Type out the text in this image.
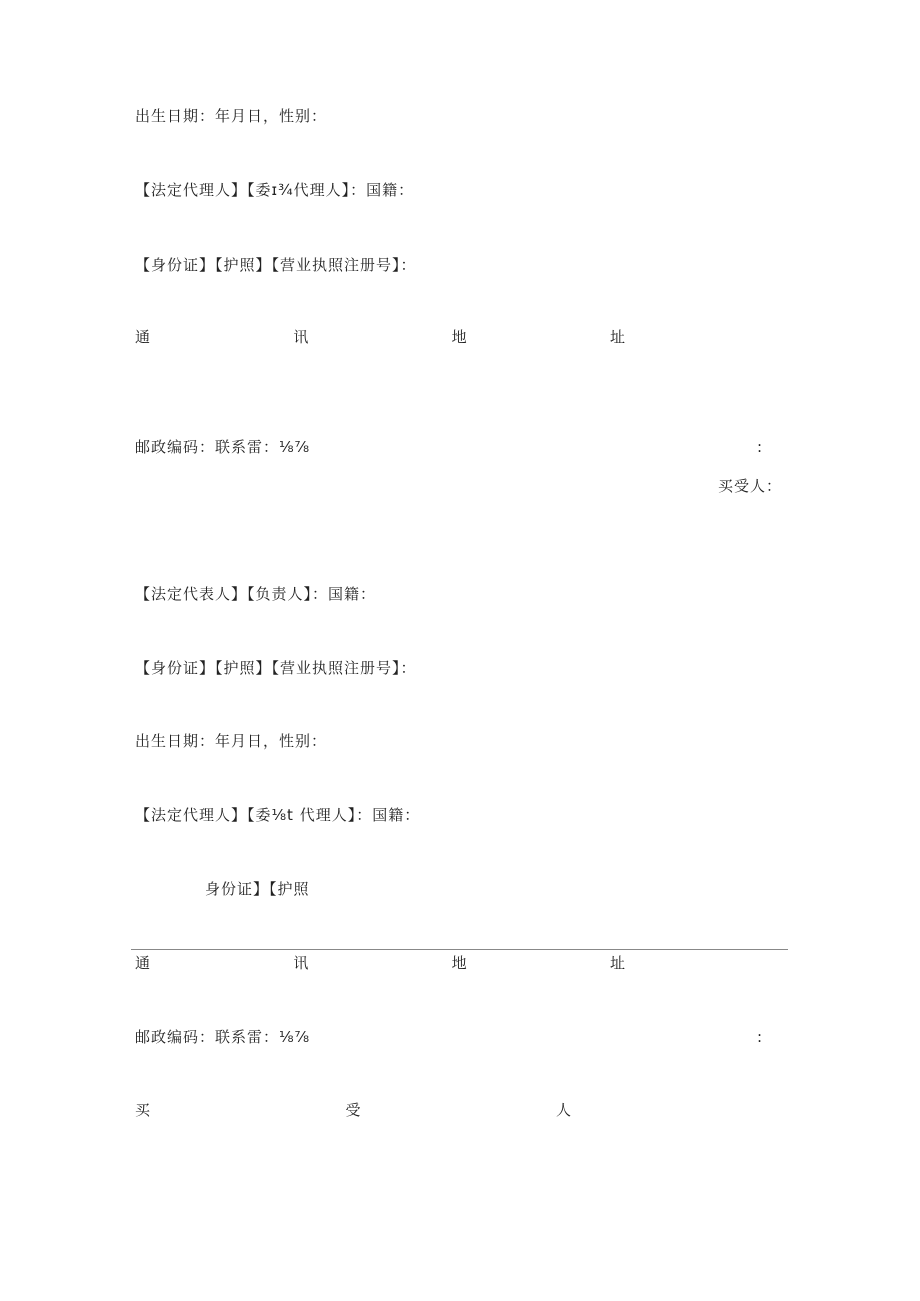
出生日期：年月日，性别：
【法定代理人】【委ɪ¾代理人】：国籍：
【身份证】【护照】【营业执照注册号】：
通	讯	地	址
邮政编码：联系雷：⅛⅞	:
买受人：
【法定代表人】【负责人】：国籍：
【身份证】【护照】【营业执照注册号】：
出生日期：年月日，性别：
【法定代理人】【委⅛t 代理人】：国籍：
身份证】【护照
通	讯	地	址
邮政编码：联系雷：⅛⅞	:
买	受	人
